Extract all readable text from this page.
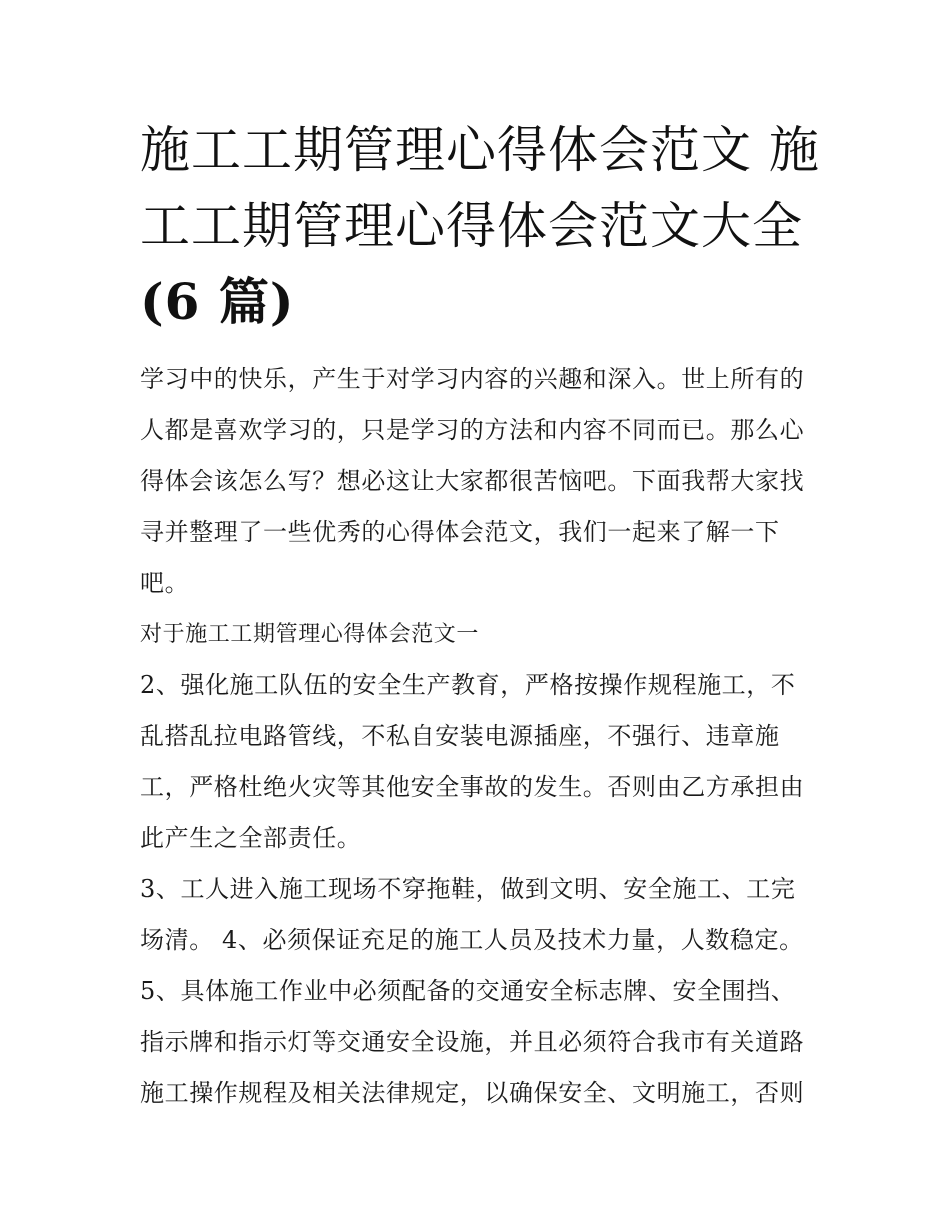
施工工期管理心得体会范文 施
工工期管理心得体会范文大全
(6 篇)
学习中的快乐，产生于对学习内容的兴趣和深入。世上所有的
人都是喜欢学习的，只是学习的方法和内容不同而已。那么心
得体会该怎么写？想必这让大家都很苦恼吧。下面我帮大家找
寻并整理了一些优秀的心得体会范文，我们一起来了解一下
吧。
对于施工工期管理心得体会范文一
2、强化施工队伍的安全生产教育，严格按操作规程施工，不
乱搭乱拉电路管线，不私自安装电源插座，不强行、违章施
工，严格杜绝火灾等其他安全事故的发生。否则由乙方承担由
此产生之全部责任。
3、工人进入施工现场不穿拖鞋，做到文明、安全施工、工完
场清。 4、必须保证充足的施工人员及技术力量，人数稳定。
5、具体施工作业中必须配备的交通安全标志牌、安全围挡、
指示牌和指示灯等交通安全设施，并且必须符合我市有关道路
施工操作规程及相关法律规定，以确保安全、文明施工，否则
